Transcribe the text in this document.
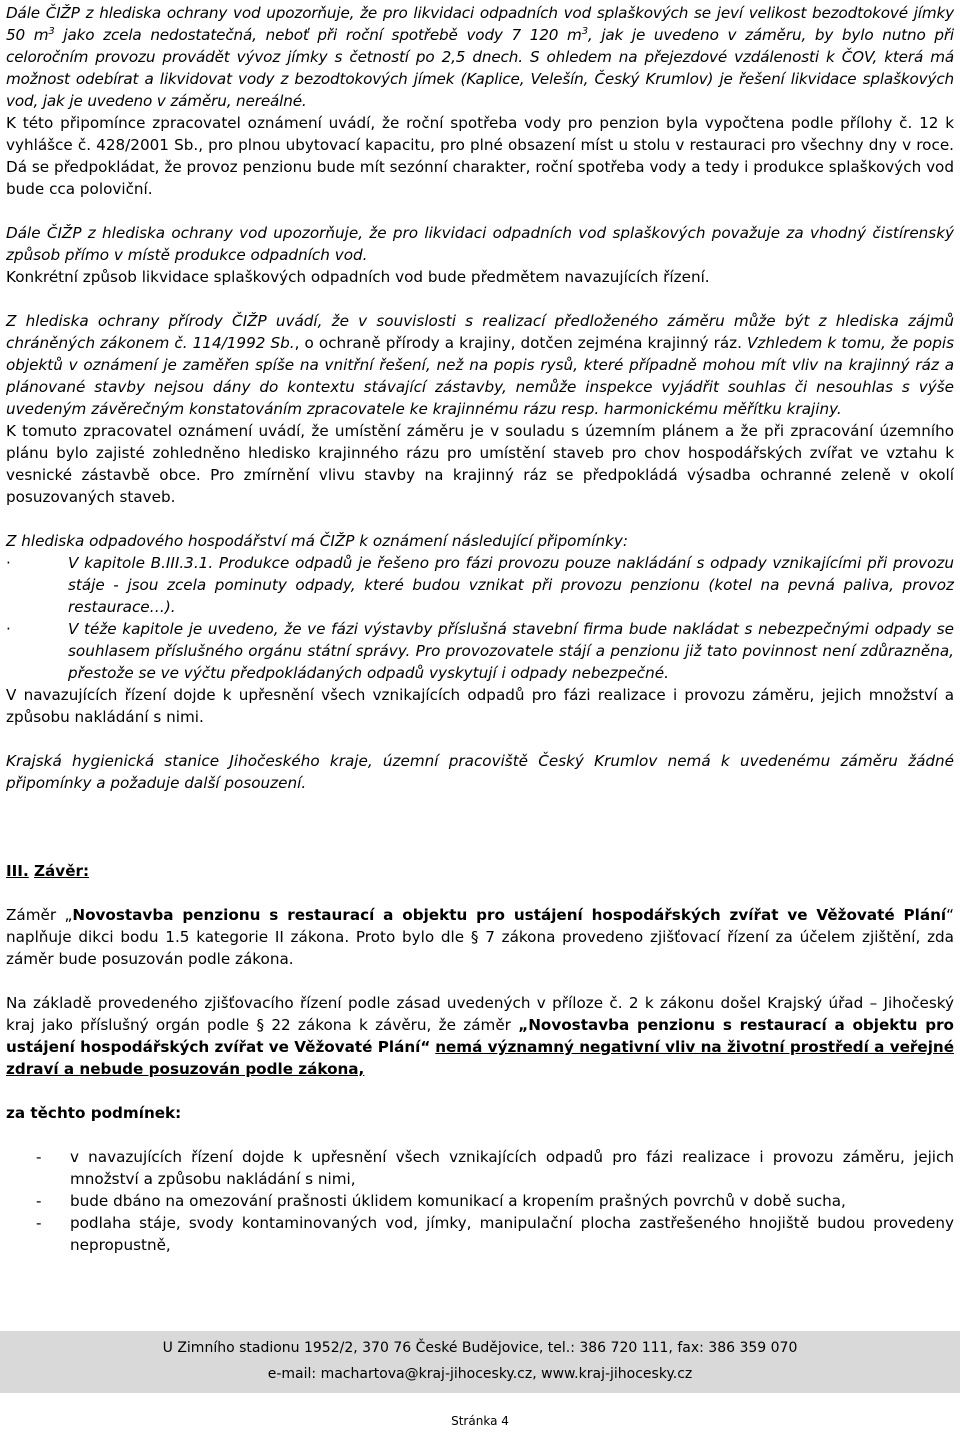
Dále ČIŽP z hlediska ochrany vod upozorňuje, že pro likvidaci odpadních vod splaškových se jeví velikost bezodtokové jímky 50 $m^3$ jako zcela nedostatečná, neboť při roční spotřebě vody 7 120 $m^3$, jak je uvedeno v záměru, by bylo nutno při celoročním provozu provádět vývoz jímky s četností po 2,5 dnech. S ohledem na přejezdové vzdálenosti k ČOV, která má možnost odebírat a likvidovat vody z bezodtokových jímek (Kaplice, Velešín, Český Krumlov) je řešení likvidace splaškových vod, jak je uvedeno v záměru, nereálné.

K této připomínce zpracovatel oznámení uvádí, že roční spotřeba vody pro penzion byla vypočtena podle přílohy č. 12 k vyhlášce č. 428/2001 Sb., pro plnou ubytovací kapacitu, pro plné obsazení míst u stolu v restauraci pro všechny dny v roce. Dá se předpokládat, že provoz penzionu bude mít sezónní charakter, roční spotřeba vody a tedy i produkce splaškových vod bude cca poloviční.

Dále ČIŽP z hlediska ochrany vod upozorňuje, že pro likvidaci odpadních vod splaškových považuje za vhodný čistírenský způsob přímo v místě produkce odpadních vod.

Konkrétní způsob likvidace splaškových odpadních vod bude předmětem navazujících řízení.

Z hlediska ochrany přírody ČIŽP uvádí, že v souvislosti s realizací předloženého záměru může být z hlediska zájmů chráněných zákonem č. 114/1992 Sb., o ochraně přírody a krajiny, dotčen zejména krajinný ráz. Vzhledem k tomu, že popis objektů v oznámení je zaměřen spíše na vnitřní řešení, než na popis rysů, které případně mohou mít vliv na krajinný ráz a plánované stavby nejsou dány do kontextu stávající zástavby, nemůže inspekce vyjádřit souhlas či nesouhlas s výše uvedeným závěrečným konstatováním zpracovatele ke krajinnému rázu resp. harmonickému měřítku krajiny.

K tomuto zpracovatel oznámení uvádí, že umístění záměru je v souladu s územním plánem a že při zpracování územního plánu bylo zajisté zohledněno hledisko krajinného rázu pro umístění staveb pro chov hospodářských zvířat ve vztahu k vesnické zástavbě obce. Pro zmírnění vlivu stavby na krajinný ráz se předpokládá výsadba ochranné zeleně v okolí posuzovaných staveb.

Z hlediska odpadového hospodářství má ČIŽP k oznámení následující připomínky:

·	V kapitole B.III.3.1. Produkce odpadů je řešeno pro fázi provozu pouze nakládání s odpady vznikajícími při provozu stáje - jsou zcela pominuty odpady, které budou vznikat při provozu penzionu (kotel na pevná paliva, provoz restaurace…).
·	V téže kapitole je uvedeno, že ve fázi výstavby příslušná stavební firma bude nakládat s nebezpečnými odpady se souhlasem příslušného orgánu státní správy. Pro provozovatele stájí a penzionu již tato povinnost není zdůrazněna, přestože se ve výčtu předpokládaných odpadů vyskytují i odpady nebezpečné.

V navazujících řízení dojde k upřesnění všech vznikajících odpadů pro fázi realizace i provozu záměru, jejich množství a způsobu nakládání s nimi.

Krajská hygienická stanice Jihočeského kraje, územní pracoviště Český Krumlov nemá k uvedenému záměru žádné připomínky a požaduje další posouzení.

III. Závěr:

Záměr „Novostavba penzionu s restaurací a objektu pro ustájení hospodářských zvířat ve Věžovaté Plání“ naplňuje dikci bodu 1.5 kategorie II zákona. Proto bylo dle § 7 zákona provedeno zjišťovací řízení za účelem zjištění, zda záměr bude posuzován podle zákona.

Na základě provedeného zjišťovacího řízení podle zásad uvedených v příloze č. 2 k zákonu došel Krajský úřad – Jihočeský kraj jako příslušný orgán podle § 22 zákona k závěru, že záměr „Novostavba penzionu s restaurací a objektu pro ustájení hospodářských zvířat ve Věžovaté Plání“ nemá významný negativní vliv na životní prostředí a veřejné zdraví a nebude posuzován podle zákona,

za těchto podmínek:

- v navazujících řízení dojde k upřesnění všech vznikajících odpadů pro fázi realizace i provozu záměru, jejich množství a způsobu nakládání s nimi,
- bude dbáno na omezování prašnosti úklidem komunikací a kropením prašných povrchů v době sucha,
- podlaha stáje, svody kontaminovaných vod, jímky, manipulační plocha zastřešeného hnojiště budou provedeny nepropustně,
U Zimního stadionu 1952/2, 370 76 České Budějovice, tel.: 386 720 111, fax: 386 359 070
e-mail: machartova@kraj-jihocesky.cz, www.kraj-jihocesky.cz
Stránka 4
